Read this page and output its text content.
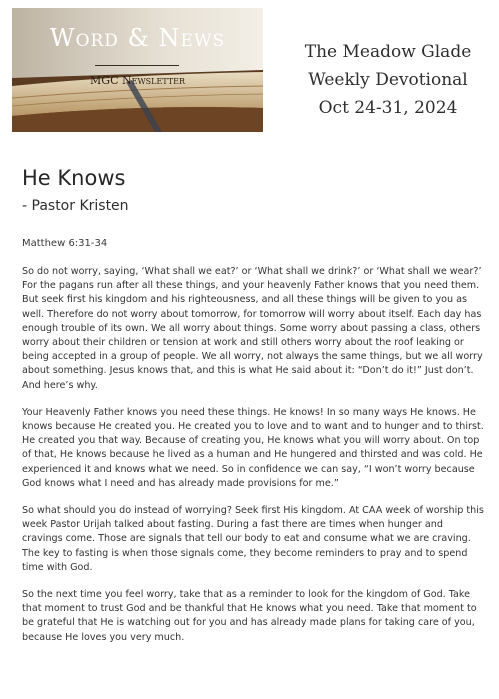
Word & News
MGC Newsletter
The Meadow Glade
Weekly Devotional
Oct 24-31, 2024
He Knows
- Pastor Kristen
Matthew 6:31-34

So do not worry, saying, ‘What shall we eat?’ or ‘What shall we drink?’ or ‘What shall we wear?’ For the pagans run after all these things, and your heavenly Father knows that you need them. But seek first his kingdom and his righteousness, and all these things will be given to you as well. Therefore do not worry about tomorrow, for tomorrow will worry about itself. Each day has enough trouble of its own. We all worry about things. Some worry about passing a class, others worry about their children or tension at work and still others worry about the roof leaking or being accepted in a group of people. We all worry, not always the same things, but we all worry about something. Jesus knows that, and this is what He said about it: “Don’t do it!” Just don’t. And here’s why.

Your Heavenly Father knows you need these things. He knows! In so many ways He knows. He knows because He created you. He created you to love and to want and to hunger and to thirst. He created you that way. Because of creating you, He knows what you will worry about. On top of that, He knows because he lived as a human and He hungered and thirsted and was cold. He experienced it and knows what we need. So in confidence we can say, “I won’t worry because God knows what I need and has already made provisions for me.”

So what should you do instead of worrying? Seek first His kingdom. At CAA week of worship this week Pastor Urijah talked about fasting. During a fast there are times when hunger and cravings come. Those are signals that tell our body to eat and consume what we are craving. The key to fasting is when those signals come, they become reminders to pray and to spend time with God.

So the next time you feel worry, take that as a reminder to look for the kingdom of God. Take that moment to trust God and be thankful that He knows what you need. Take that moment to be grateful that He is watching out for you and has already made plans for taking care of you, because He loves you very much.
